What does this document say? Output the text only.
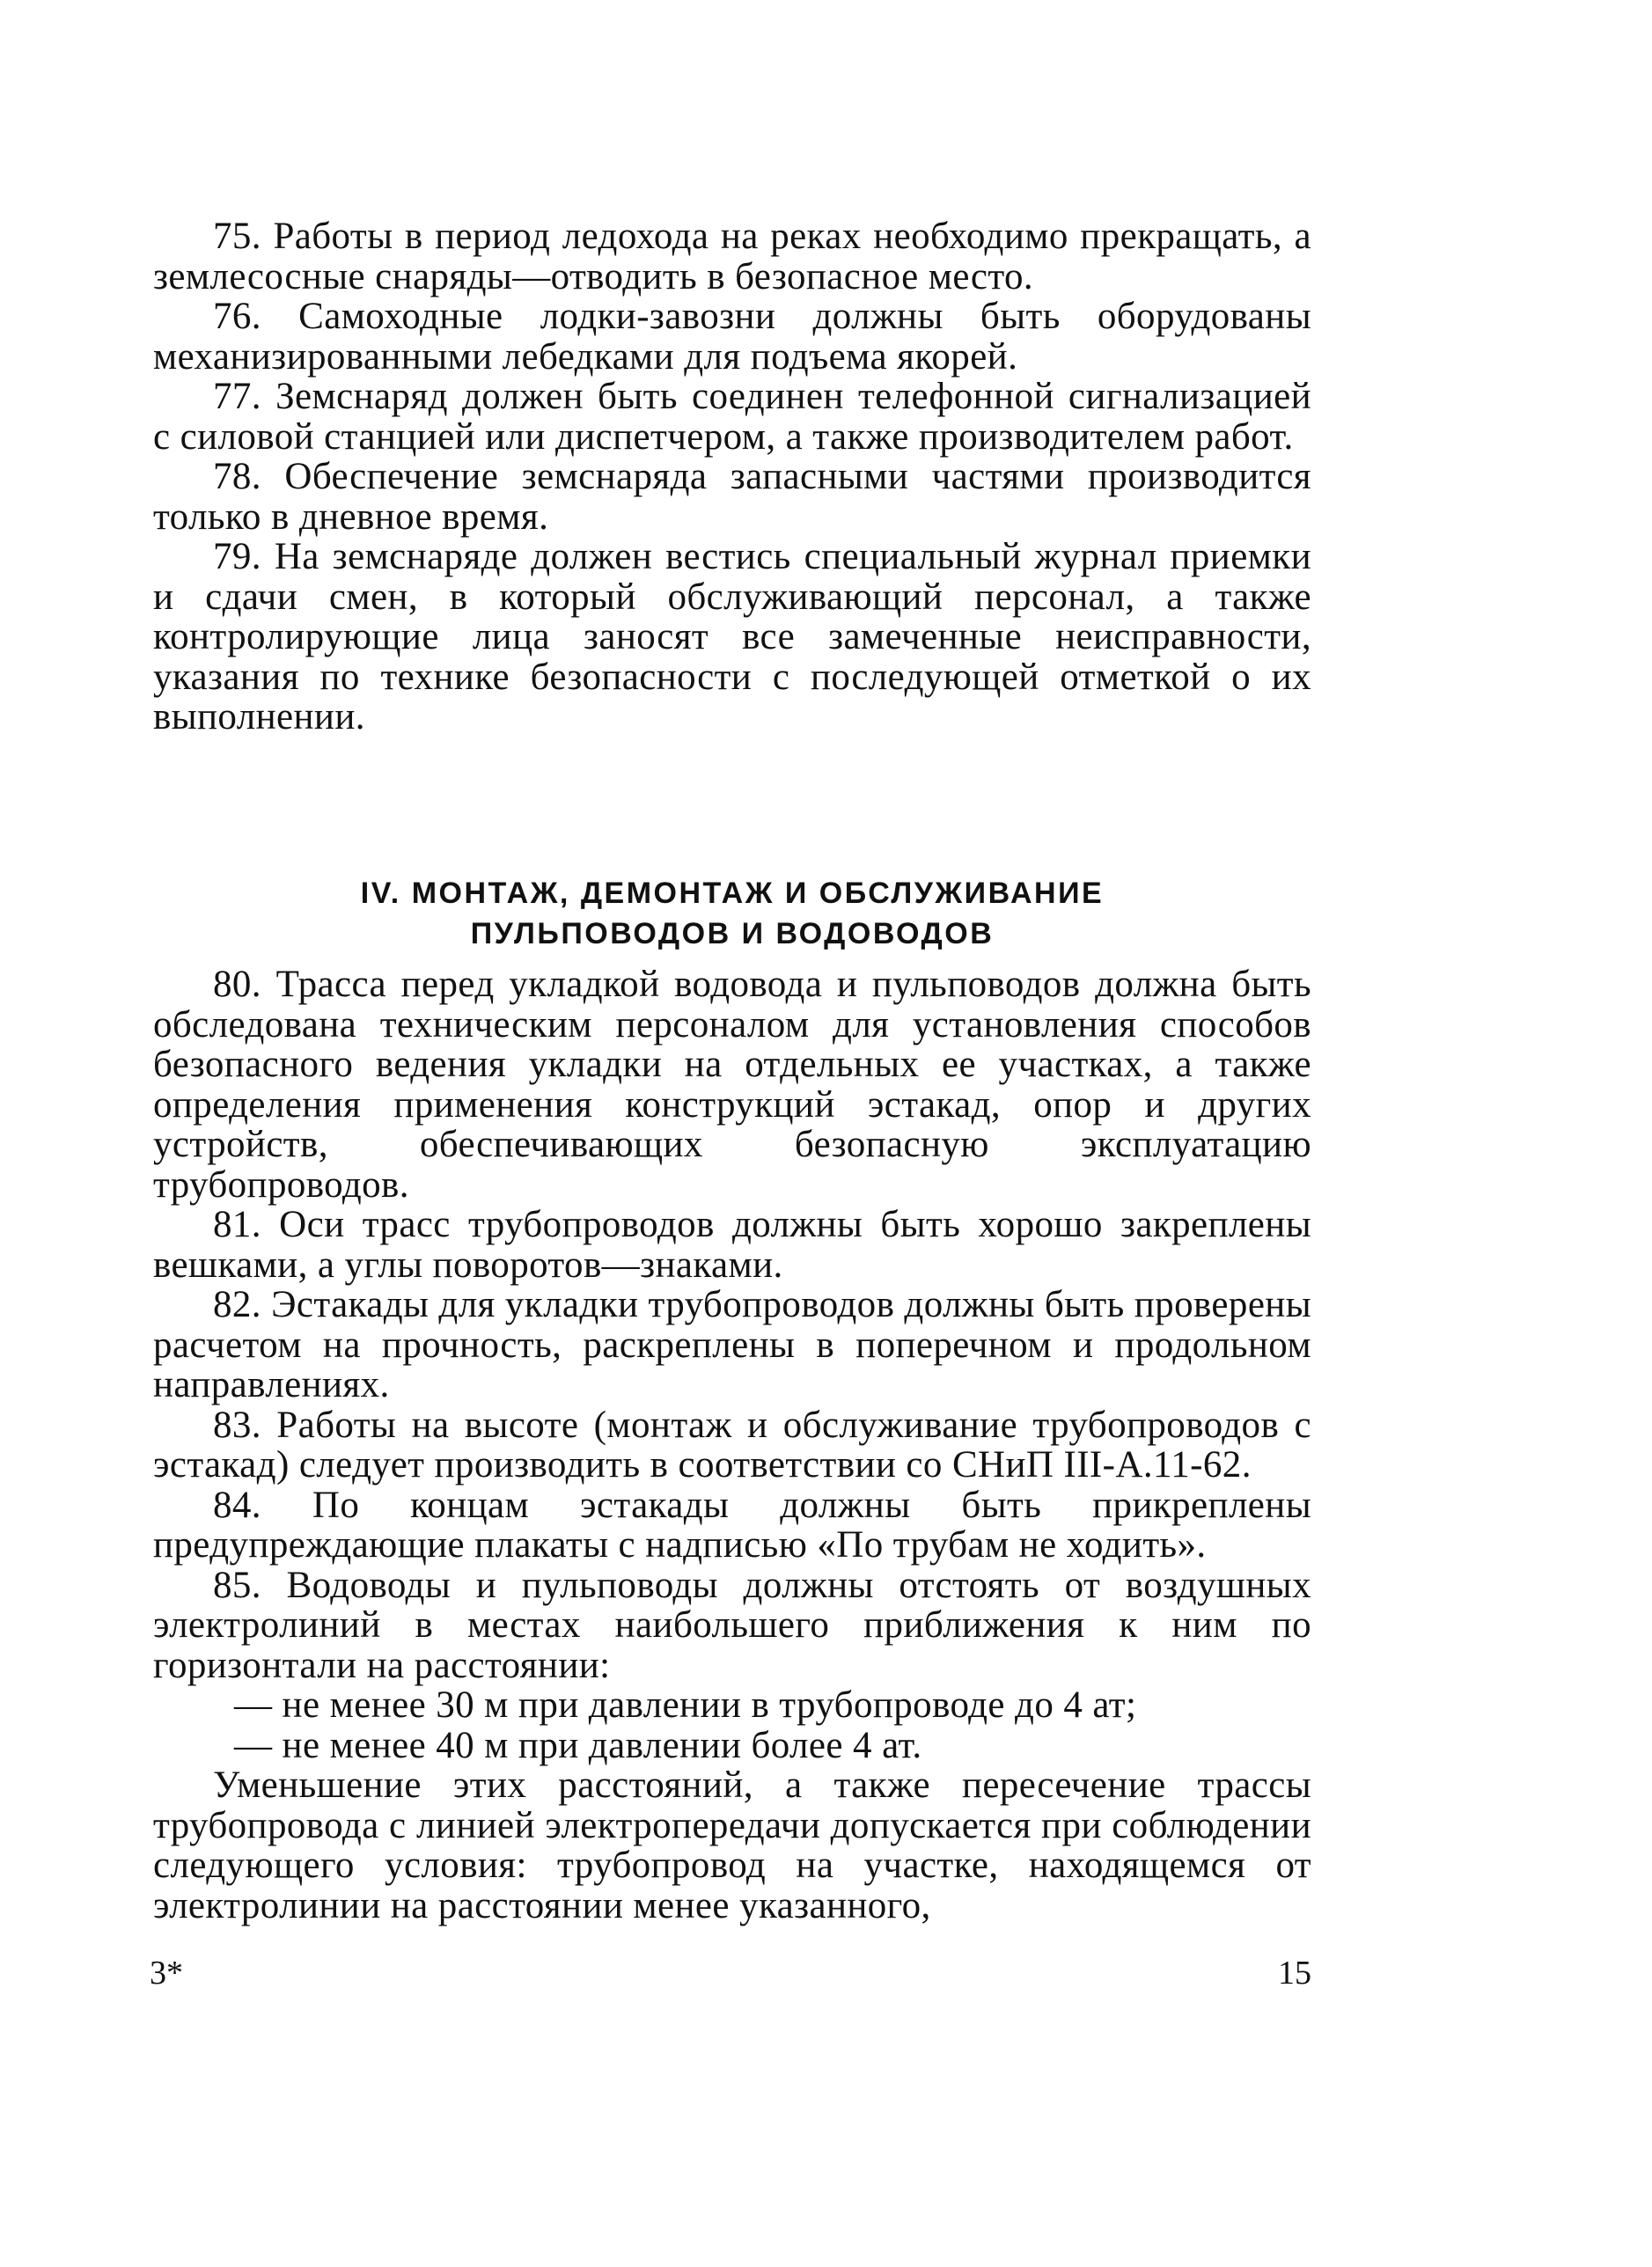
75. Работы в период ледохода на реках необходимо прекращать, а землесосные снаряды—отводить в безопасное место.

76. Самоходные лодки-завозни должны быть оборудованы механизированными лебедками для подъема якорей.

77. Земснаряд должен быть соединен телефонной сигнализацией с силовой станцией или диспетчером, а также производителем работ.

78. Обеспечение земснаряда запасными частями производится только в дневное время.

79. На земснаряде должен вестись специальный журнал приемки и сдачи смен, в который обслуживающий персонал, а также контролирующие лица заносят все замеченные неисправности, указания по технике безопасности с последующей отметкой о их выполнении.

IV. МОНТАЖ, ДЕМОНТАЖ И ОБСЛУЖИВАНИЕ
ПУЛЬПОВОДОВ И ВОДОВОДОВ

80. Трасса перед укладкой водовода и пульповодов должна быть обследована техническим персоналом для установления способов безопасного ведения укладки на отдельных ее участках, а также определения применения конструкций эстакад, опор и других устройств, обеспечивающих безопасную эксплуатацию трубопроводов.

81. Оси трасс трубопроводов должны быть хорошо закреплены вешками, а углы поворотов—знаками.

82. Эстакады для укладки трубопроводов должны быть проверены расчетом на прочность, раскреплены в поперечном и продольном направлениях.

83. Работы на высоте (монтаж и обслуживание трубопроводов с эстакад) следует производить в соответствии со СНиП III-А.11-62.

84. По концам эстакады должны быть прикреплены предупреждающие плакаты с надписью «По трубам не ходить».

85. Водоводы и пульповоды должны отстоять от воздушных электролиний в местах наибольшего приближения к ним по горизонтали на расстоянии:

— не менее 30 м при давлении в трубопроводе до 4 ат;

— не менее 40 м при давлении более 4 ат.

Уменьшение этих расстояний, а также пересечение трассы трубопровода с линией электропередачи допускается при соблюдении следующего условия: трубопровод на участке, находящемся от электролинии на расстоянии менее указанного,

3*	15
